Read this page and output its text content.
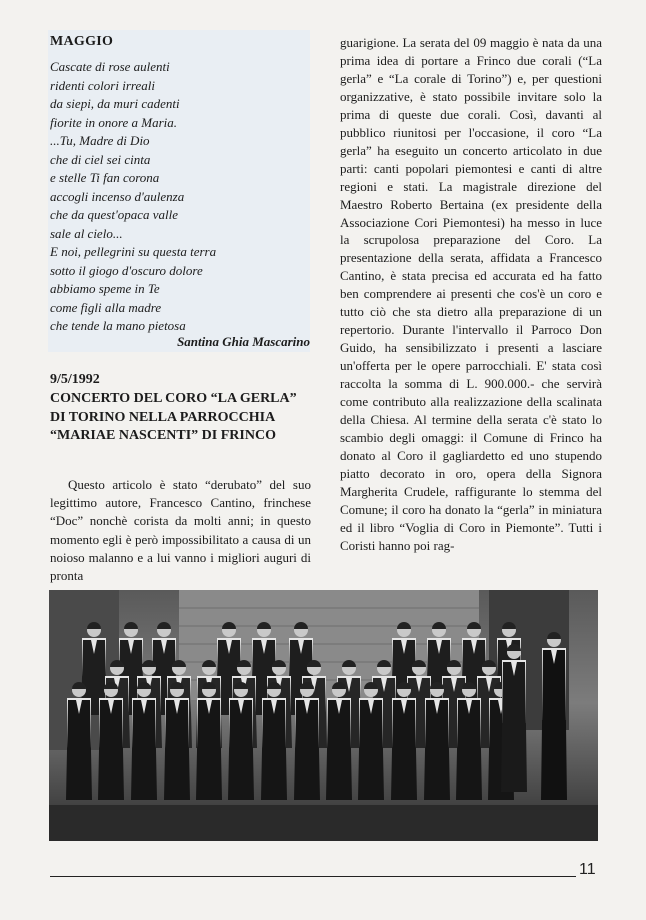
MAGGIO
Cascate di rose aulenti
ridenti colori irreali
da siepi, da muri cadenti
fiorite in onore a Maria.
...Tu, Madre di Dio
che di ciel sei cinta
e stelle Ti fan corona
accogli incenso d'aulenza
che da quest'opaca valle
sale al cielo...
E noi, pellegrini su questa terra
sotto il giogo d'oscuro dolore
abbiamo speme in Te
come figli alla madre
che tende la mano pietosa
Santina Ghia Mascarino
9/5/1992
CONCERTO DEL CORO “LA GERLA” DI TORINO NELLA PARROCCHIA “MARIAE NASCENTI” DI FRINCO

Questo articolo è stato “derubato” del suo legittimo autore, Francesco Cantino, frinchese “Doc” nonchè corista da molti anni; in questo momento egli è però impossibilitato a causa di un noioso malanno e a lui vanno i migliori auguri di pronta

guarigione. La serata del 09 maggio è nata da una prima idea di portare a Frinco due corali (“La gerla” e “La corale di Torino”) e, per questioni organizzative, è stato possibile invitare solo la prima di queste due corali. Così, davanti al pubblico riunitosi per l'occasione, il coro “La gerla” ha eseguito un concerto articolato in due parti: canti popolari piemontesi e canti di altre regioni e stati. La magistrale direzione del Maestro Roberto Bertaina (ex presidente della Associazione Cori Piemontesi) ha messo in luce la scrupolosa preparazione del Coro. La presentazione della serata, affidata a Francesco Cantino, è stata precisa ed accurata ed ha fatto ben comprendere ai presenti che cos'è un coro e tutto ciò che sta dietro alla preparazione di un repertorio. Durante l'intervallo il Parroco Don Guido, ha sensibilizzato i presenti a lasciare un'offerta per le opere parrocchiali. E' stata così raccolta la somma di L. 900.000.- che servirà come contributo alla realizzazione della scalinata della Chiesa. Al termine della serata c'è stato lo scambio degli omaggi: il Comune di Frinco ha donato al Coro il gagliardetto ed uno stupendo piatto decorato in oro, opera della Signora Margherita Crudele, raffigurante lo stemma del Comune; il coro ha donato la “gerla” in miniatura ed il libro “Voglia di Coro in Piemonte”. Tutti i Coristi hanno poi rag-

11
